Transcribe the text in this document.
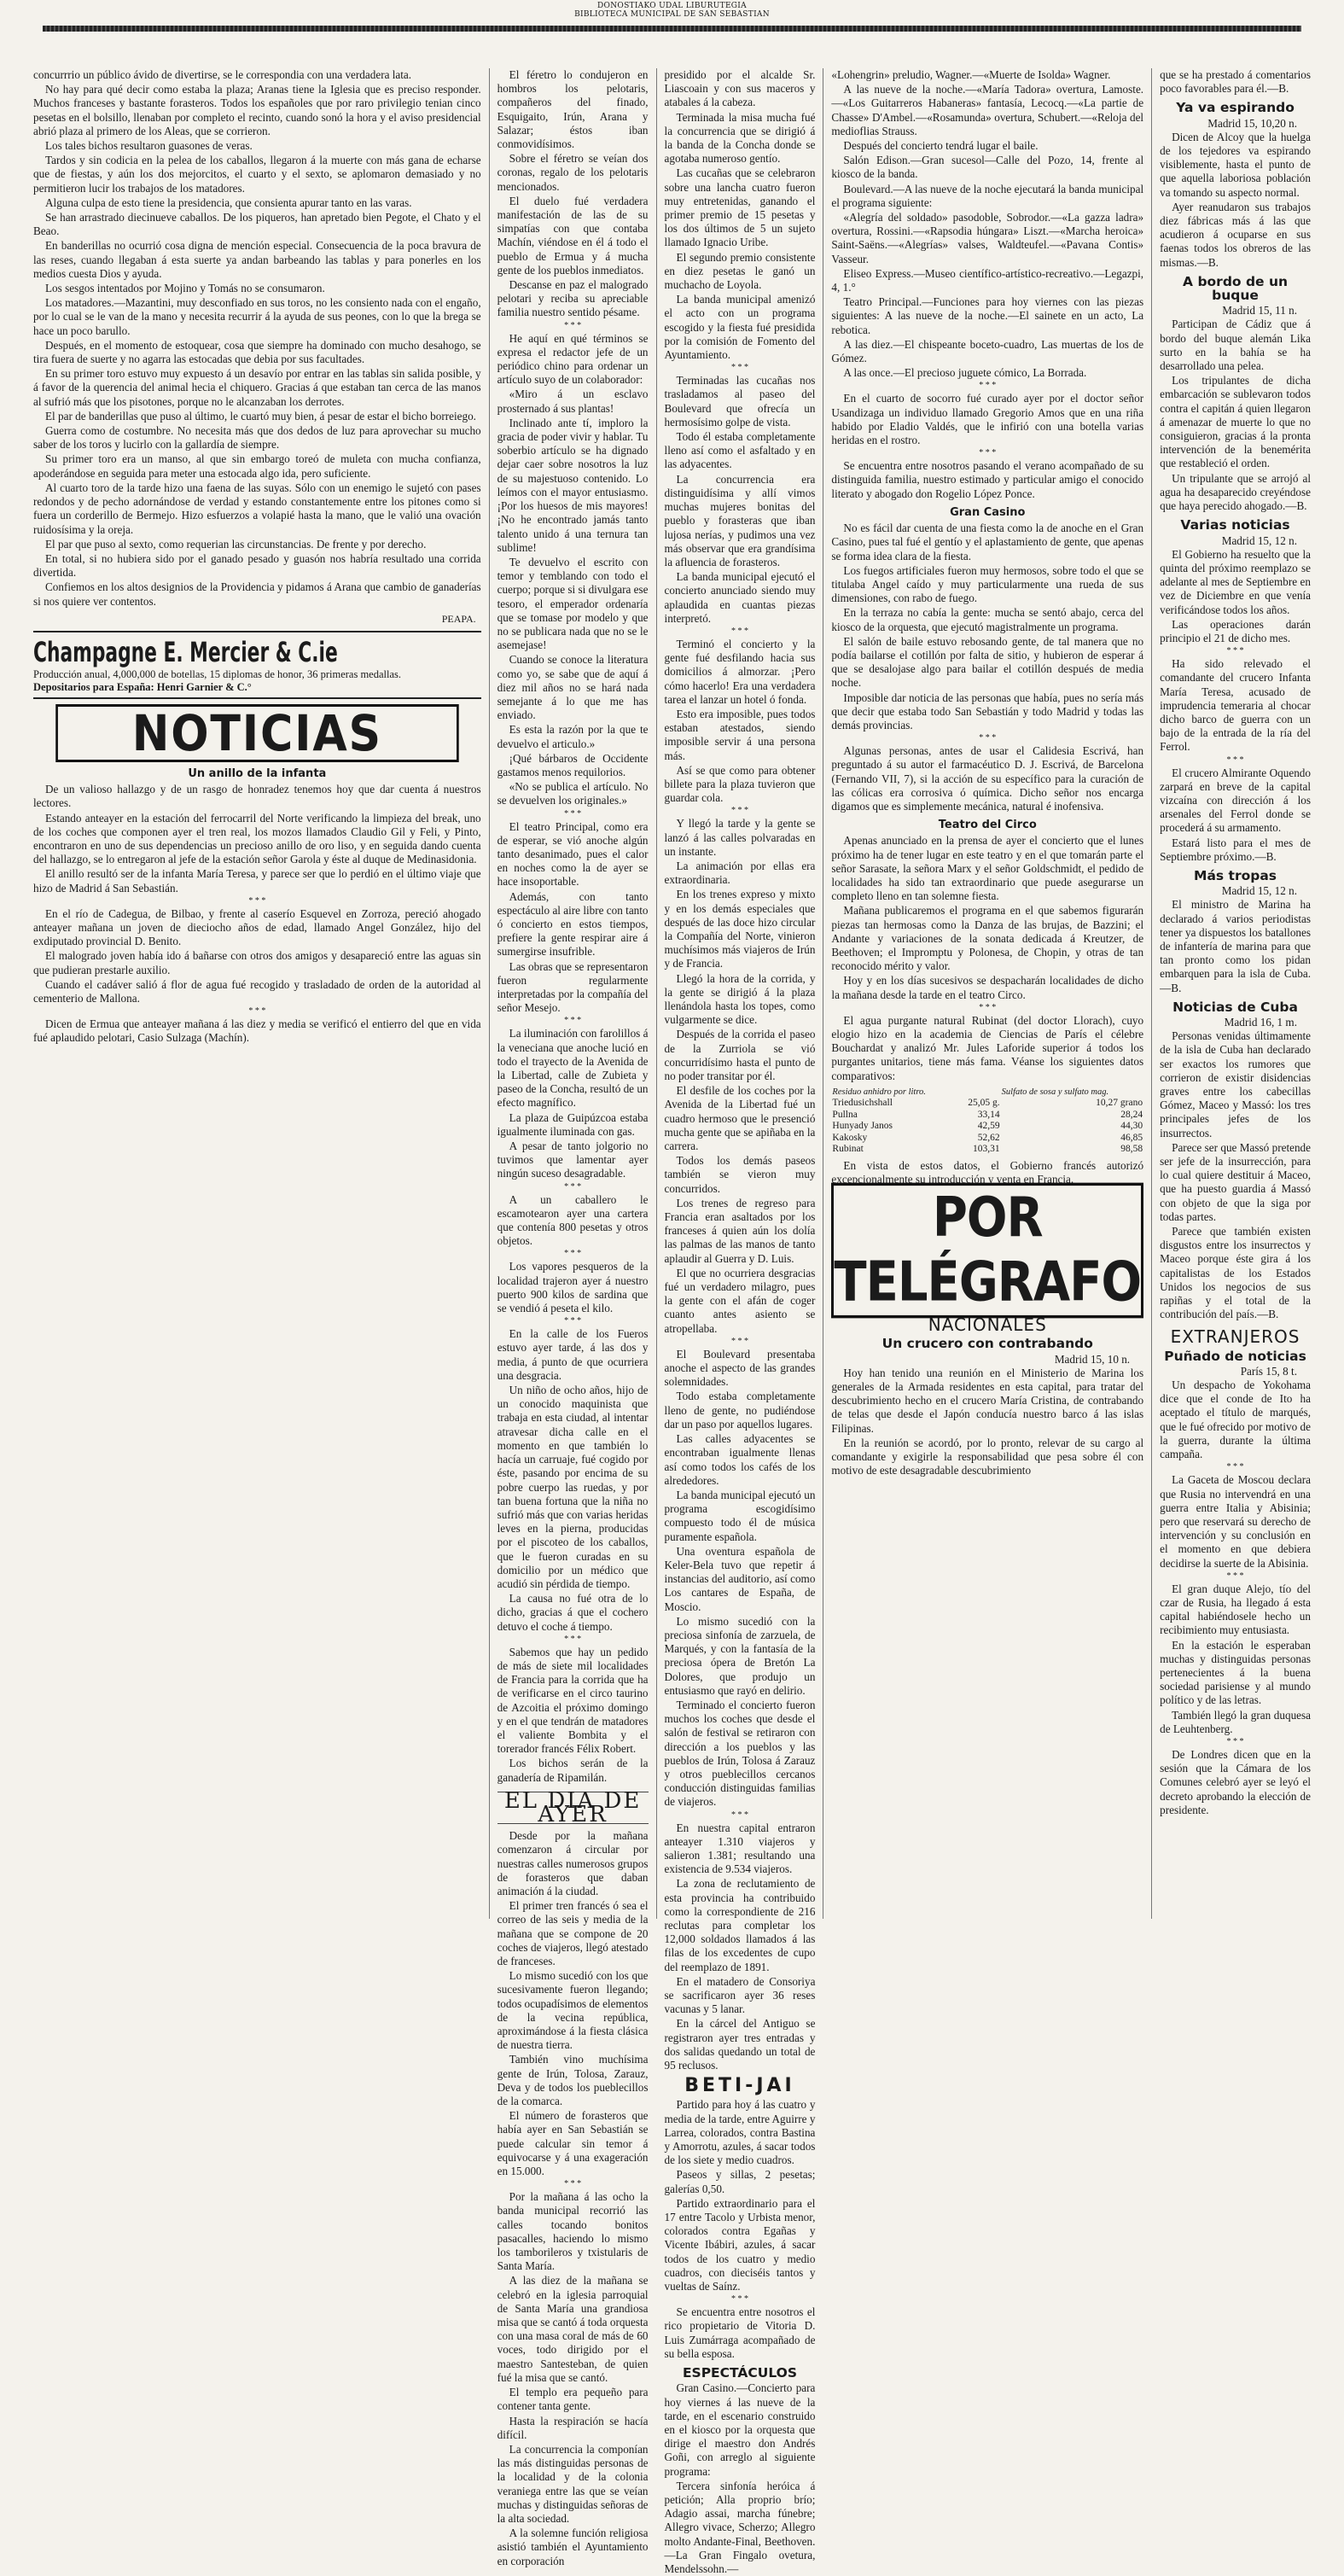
DONOSTIAKO UDAL LIBURUTEGIA
BIBLIOTECA MUNICIPAL DE SAN SEBASTIAN

concurrrio un público ávido de divertirse, se le correspondia con una verdadera lata.

No hay para qué decir como estaba la plaza; Aranas tiene la Iglesia que es preciso responder. Muchos franceses y bastante forasteros. Todos los españoles que por raro privilegio tenian cinco pesetas en el bolsillo, llenaban por completo el recinto, cuando sonó la hora y el aviso presidencial abrió plaza al primero de los Aleas, que se corrieron.

Los tales bichos resultaron guasones de veras.

Tardos y sin codicia en la pelea de los caballos, llegaron á la muerte con más gana de echarse que de fiestas, y aún los dos mejorcitos, el cuarto y el sexto, se aplomaron demasiado y no permitieron lucir los trabajos de los matadores.

Alguna culpa de esto tiene la presidencia, que consienta apurar tanto en las varas.

Se han arrastrado diecinueve caballos. De los piqueros, han apretado bien Pegote, el Chato y el Beao.

En banderillas no ocurrió cosa digna de mención especial. Consecuencia de la poca bravura de las reses, cuando llegaban á esta suerte ya andan barbeando las tablas y para ponerles en los medios cuesta Dios y ayuda.

Los sesgos intentados por Mojino y Tomás no se consumaron.

Los matadores.—Mazantini, muy desconfiado en sus toros, no les consiento nada con el engaño, por lo cual se le van de la mano y necesita recurrir á la ayuda de sus peones, con lo que la brega se hace un poco barullo.

Después, en el momento de estoquear, cosa que siempre ha dominado con mucho desahogo, se tira fuera de suerte y no agarra las estocadas que debia por sus facultades.

En su primer toro estuvo muy expuesto á un desavío por entrar en las tablas sin salida posible, y á favor de la querencia del animal hecia el chiquero. Gracias á que estaban tan cerca de las manos al sufrió más que los pisotones, porque no le alcanzaban los derrotes.

El par de banderillas que puso al último, le cuartó muy bien, á pesar de estar el bicho borreiego.

Guerra como de costumbre. No necesita más que dos dedos de luz para aprovechar su mucho saber de los toros y lucirlo con la gallardía de siempre.

Su primer toro era un manso, al que sin embargo toreó de muleta con mucha confianza, apoderándose en seguida para meter una estocada algo ida, pero suficiente.

Al cuarto toro de la tarde hizo una faena de las suyas. Sólo con un enemigo le sujetó con pases redondos y de pecho adornándose de verdad y estando constantemente entre los pitones como si fuera un corderillo de Bermejo. Hizo esfuerzos a volapié hasta la mano, que le valió una ovación ruidosísima y la oreja.

El par que puso al sexto, como requerian las circunstancias. De frente y por derecho.

En total, si no hubiera sido por el ganado pesado y guasón nos habría resultado una corrida divertida.

Confiemos en los altos designios de la Providencia y pidamos á Arana que cambio de ganaderías si nos quiere ver contentos.

PEAPA.
Champagne E. Mercier & C.ie
Producción anual, 4,000,000 de botellas, 15 diplomas de honor, 36 primeras medallas.
Depositarios para España: Henri Garnier & C.°
NOTICIAS
Un anillo de la infanta

De un valioso hallazgo y de un rasgo de honradez tenemos hoy que dar cuenta á nuestros lectores.

Estando anteayer en la estación del ferrocarril del Norte verificando la limpieza del break, uno de los coches que componen ayer el tren real, los mozos llamados Claudio Gil y Feli, y Pinto, encontraron en uno de sus dependencias un precioso anillo de oro liso, y en seguida dando cuenta del hallazgo, se lo entregaron al jefe de la estación señor Garola y éste al duque de Medinasidonia.

El anillo resultó ser de la infanta María Teresa, y parece ser que lo perdió en el último viaje que hizo de Madrid á San Sebastián.

* * *

En el río de Cadegua, de Bilbao, y frente al caserío Esquevel en Zorroza, pereció ahogado anteayer mañana un joven de dieciocho años de edad, llamado Angel González, hijo del exdiputado provincial D. Benito.

El malogrado joven había ido á bañarse con otros dos amigos y desapareció entre las aguas sin que pudieran prestarle auxilio.

Cuando el cadáver salió á flor de agua fué recogido y trasladado de orden de la autoridad al cementerio de Mallona.

* * *

Dicen de Ermua que anteayer mañana á las diez y media se verificó el entierro del que en vida fué aplaudido pelotari, Casio Sulzaga (Machín).

El féretro lo condujeron en hombros los pelotaris, compañeros del finado, Esquigaito, Irún, Arana y Salazar; éstos iban conmovidísimos.

Sobre el féretro se veían dos coronas, regalo de los pelotaris mencionados.

El duelo fué verdadera manifestación de las de su simpatías con que contaba Machín, viéndose en él á todo el pueblo de Ermua y á mucha gente de los pueblos inmediatos.

Descanse en paz el malogrado pelotari y reciba su apreciable familia nuestro sentido pésame.

* * *

He aquí en qué términos se expresa el redactor jefe de un periódico chino para ordenar un artículo suyo de un colaborador:

«Miro á un esclavo prosternado á sus plantas!

Inclinado ante tí, imploro la gracia de poder vivir y hablar. Tu soberbio artículo se ha dignado dejar caer sobre nosotros la luz de su majestuoso contenido. Lo leímos con el mayor entusiasmo. ¡Por los huesos de mis mayores! ¡No he encontrado jamás tanto talento unido á una ternura tan sublime!

Te devuelvo el escrito con temor y temblando con todo el cuerpo; porque si si divulgara ese tesoro, el emperador ordenaría que se tomase por modelo y que no se publicara nada que no se le asemejase!

Cuando se conoce la literatura como yo, se sabe que de aquí á diez mil años no se hará nada semejante á lo que me has enviado.

Es esta la razón por la que te devuelvo el articulo.»

¡Qué bárbaros de Occidente gastamos menos requilorios.

«No se publica el artículo. No se devuelven los originales.»

* * *

El teatro Principal, como era de esperar, se vió anoche algún tanto desanimado, pues el calor en noches como la de ayer se hace insoportable.

Además, con tanto espectáculo al aire libre con tanto ó concierto en estos tiempos, prefiere la gente respirar aire á sumergirse insufrible.

Las obras que se representaron fueron regularmente interpretadas por la compañía del señor Mesejo.

* * *

La iluminación con farolillos á la veneciana que anoche lució en todo el trayecto de la Avenida de la Libertad, calle de Zubieta y paseo de la Concha, resultó de un efecto magnífico.

La plaza de Guipúzcoa estaba igualmente iluminada con gas.

A pesar de tanto jolgorio no tuvimos que lamentar ayer ningún suceso desagradable.

* * *

A un caballero le escamotearon ayer una cartera que contenía 800 pesetas y otros objetos.

* * *

Los vapores pesqueros de la localidad trajeron ayer á nuestro puerto 900 kilos de sardina que se vendió á peseta el kilo.

* * *

En la calle de los Fueros estuvo ayer tarde, á las dos y media, á punto de que ocurriera una desgracia.

Un niño de ocho años, hijo de un conocido maquinista que trabaja en esta ciudad, al intentar atravesar dicha calle en el momento en que también lo hacía un carruaje, fué cogido por éste, pasando por encima de su pobre cuerpo las ruedas, y por tan buena fortuna que la niña no sufrió más que con varias heridas leves en la pierna, producidas por el piscoteo de los caballos, que le fueron curadas en su domicilio por un médico que acudió sin pérdida de tiempo.

La causa no fué otra de lo dicho, gracias á que el cochero detuvo el coche á tiempo.

* * *

Sabemos que hay un pedido de más de siete mil localidades de Francia para la corrida que ha de verificarse en el circo taurino de Azcoitia el próximo domingo y en el que tendrán de matadores el valiente Bombita y el torerador francés Félix Robert.

Los bichos serán de la ganadería de Ripamilán.

EL DIA DE AYER

Desde por la mañana comenzaron á circular por nuestras calles numerosos grupos de forasteros que daban animación á la ciudad.

El primer tren francés ó sea el correo de las seis y media de la mañana que se compone de 20 coches de viajeros, llegó atestado de franceses.

Lo mismo sucedió con los que sucesivamente fueron llegando; todos ocupadísimos de elementos de la vecina república, aproximándose á la fiesta clásica de nuestra tierra.

También vino muchísima gente de Irún, Tolosa, Zarauz, Deva y de todos los pueblecillos de la comarca.

El número de forasteros que había ayer en San Sebastián se puede calcular sin temor á equivocarse y á una exageración en 15.000.

* * *

Por la mañana á las ocho la banda municipal recorrió las calles tocando bonitos pasacalles, haciendo lo mismo los tamborileros y txistularis de Santa María.

A las diez de la mañana se celebró en la iglesia parroquial de Santa María una grandiosa misa que se cantó á toda orquesta con una masa coral de más de 60 voces, todo dirigido por el maestro Santesteban, de quien fué la misa que se cantó.

El templo era pequeño para contener tanta gente.

Hasta la respiración se hacía difícil.

La concurrencia la componían las más distinguidas personas de la localidad y de la colonia veraniega entre las que se veían muchas y distinguidas señoras de la alta sociedad.

A la solemne función religiosa asistió también el Ayuntamiento en corporación

presidido por el alcalde Sr. Liascoain y con sus maceros y atabales á la cabeza.

Terminada la misa mucha fué la concurrencia que se dirigió á la banda de la Concha donde se agotaba numeroso gentío.

Las cucañas que se celebraron sobre una lancha cuatro fueron muy entretenidas, ganando el primer premio de 15 pesetas y los dos últimos de 5 un sujeto llamado Ignacio Uribe.

El segundo premio consistente en diez pesetas le ganó un muchacho de Loyola.

La banda municipal amenizó el acto con un programa escogido y la fiesta fué presidida por la comisión de Fomento del Ayuntamiento.

* * *

Terminadas las cucañas nos trasladamos al paseo del Boulevard que ofrecía un hermosísimo golpe de vista.

Todo él estaba completamente lleno así como el asfaltado y en las adyacentes.

La concurrencia era distinguidísima y allí vimos muchas mujeres bonitas del pueblo y forasteras que iban lujosa nerías, y pudimos una vez más observar que era grandísima la afluencia de forasteros.

La banda municipal ejecutó el concierto anunciado siendo muy aplaudida en cuantas piezas interpretó.

* * *

Terminó el concierto y la gente fué desfilando hacia sus domicilios á almorzar. ¡Pero cómo hacerlo! Era una verdadera tarea el lanzar un hotel ó fonda.

Esto era imposible, pues todos estaban atestados, siendo imposible servir á una persona más.

Así se que como para obtener billete para la plaza tuvieron que guardar cola.

* * *

Y llegó la tarde y la gente se lanzó á las calles polvaradas en un instante.

La animación por ellas era extraordinaria.

En los trenes expreso y mixto y en los demás especiales que después de las doce hizo circular la Compañía del Norte, vinieron muchísimos más viajeros de Irún y de Francia.

Llegó la hora de la corrida, y la gente se dirigió á la plaza llenándola hasta los topes, como vulgarmente se dice.

Después de la corrida el paseo de la Zurriola se vió concurridísimo hasta el punto de no poder transitar por él.

El desfile de los coches por la Avenida de la Libertad fué un cuadro hermoso que le presenció mucha gente que se apiñaba en la carrera.

Todos los demás paseos también se vieron muy concurridos.

Los trenes de regreso para Francia eran asaltados por los franceses á quien aún los dolía las palmas de las manos de tanto aplaudir al Guerra y D. Luis.

El que no ocurriera desgracias fué un verdadero milagro, pues la gente con el afán de coger cuanto antes asiento se atropellaba.

* * *

El Boulevard presentaba anoche el aspecto de las grandes solemnidades.

Todo estaba completamente lleno de gente, no pudiéndose dar un paso por aquellos lugares.

Las calles adyacentes se encontraban igualmente llenas así como todos los cafés de los alrededores.

La banda municipal ejecutó un programa escogidísimo compuesto todo él de música puramente española.

Una oventura española de Keler-Bela tuvo que repetir á instancias del auditorio, así como Los cantares de España, de Moscio.

Lo mismo sucedió con la preciosa sinfonía de zarzuela, de Marqués, y con la fantasía de la preciosa ópera de Bretón La Dolores, que produjo un entusiasmo que rayó en delirio.

Terminado el concierto fueron muchos los coches que desde el salón de festival se retiraron con dirección a los pueblos y las pueblos de Irún, Tolosa á Zarauz y otros pueblecillos cercanos conducción distinguidas familias de viajeros.

* * *

En nuestra capital entraron anteayer 1.310 viajeros y salieron 1.381; resultando una existencia de 9.534 viajeros.

La zona de reclutamiento de esta provincia ha contribuido como la correspondiente de 216 reclutas para completar los 12,000 soldados llamados á las filas de los excedentes de cupo del reemplazo de 1891.

En el matadero de Consoriya se sacrificaron ayer 36 reses vacunas y 5 lanar.

En la cárcel del Antiguo se registraron ayer tres entradas y dos salidas quedando un total de 95 reclusos.

BETI-JAI

Partido para hoy á las cuatro y media de la tarde, entre Aguirre y Larrea, colorados, contra Bastina y Amorrotu, azules, á sacar todos de los siete y medio cuadros.

Paseos y sillas, 2 pesetas; galerías 0,50.

Partido extraordinario para el 17 entre Tacolo y Urbista menor, colorados contra Egañas y Vicente Ibábiri, azules, á sacar todos de los cuatro y medio cuadros, con dieciséis tantos y vueltas de Saínz.

* * *

Se encuentra entre nosotros el rico propietario de Vitoria D. Luis Zumárraga acompañado de su bella esposa.

ESPECTÁCULOS

Gran Casino.—Concierto para hoy viernes á las nueve de la tarde, en el escenario construido en el kiosco por la orquesta que dirige el maestro don Andrés Goñi, con arreglo al siguiente programa:

Tercera sinfonía heróica á petición; Alla proprio brío; Adagio assai, marcha fúnebre; Allegro vivace, Scherzo; Allegro molto Andante-Final, Beethoven.—La Gran Fingalo ovetura, Mendelssohn.—

«Lohengrin» preludio, Wagner.—«Muerte de Isolda» Wagner.

A las nueve de la noche.—«María Tadora» overtura, Lamoste.—«Los Guitarreros Habaneras» fantasía, Lecocq.—«La partie de Chasse» D'Ambel.—«Rosamunda» overtura, Schubert.—«Reloja del medioflias Strauss.

Después del concierto tendrá lugar el baile.

Salón Edison.—Gran sucesol—Calle del Pozo, 14, frente al kiosco de la banda.

Boulevard.—A las nueve de la noche ejecutará la banda municipal el programa siguiente:

«Alegría del soldado» pasodoble, Sobrodor.—«La gazza ladra» overtura, Rossini.—«Rapsodia húngara» Liszt.—«Marcha heroica» Saint-Saëns.—«Alegrías» valses, Waldteufel.—«Pavana Contis» Vasseur.

Eliseo Express.—Museo científico-artístico-recreativo.—Legazpi, 4, 1.°

Teatro Principal.—Funciones para hoy viernes con las piezas siguientes: A las nueve de la noche.—El sainete en un acto, La rebotica.

A las diez.—El chispeante boceto-cuadro, Las muertas de los de Gómez.

A las once.—El precioso juguete cómico, La Borrada.

* * *

En el cuarto de socorro fué curado ayer por el doctor señor Usandizaga un individuo llamado Gregorio Amos que en una riña habido por Eladio Valdés, que le infirió con una botella varias heridas en el rostro.

* * *

Se encuentra entre nosotros pasando el verano acompañado de su distinguida familia, nuestro estimado y particular amigo el conocido literato y abogado don Rogelio López Ponce.

Gran Casino

No es fácil dar cuenta de una fiesta como la de anoche en el Gran Casino, pues tal fué el gentío y el aplastamiento de gente, que apenas se forma idea clara de la fiesta.

Los fuegos artificiales fueron muy hermosos, sobre todo el que se titulaba Angel caído y muy particularmente una rueda de sus dimensiones, con rabo de fuego.

En la terraza no cabía la gente: mucha se sentó abajo, cerca del kiosco de la orquesta, que ejecutó magistralmente un programa.

El salón de baile estuvo rebosando gente, de tal manera que no podía bailarse el cotillón por falta de sitio, y hubieron de esperar á que se desalojase algo para bailar el cotillón después de media noche.

Imposible dar noticia de las personas que había, pues no sería más que decir que estaba todo San Sebastián y todo Madrid y todas las demás provincias.

* * *

Algunas personas, antes de usar el Calidesia Escrivá, han preguntado á su autor el farmacéutico D. J. Escrivá, de Barcelona (Fernando VII, 7), si la acción de su específico para la curación de las cólicas era corrosiva ó química. Dicho señor nos encarga digamos que es simplemente mecánica, natural é inofensiva.

Teatro del Circo

Apenas anunciado en la prensa de ayer el concierto que el lunes próximo ha de tener lugar en este teatro y en el que tomarán parte el señor Sarasate, la señora Marx y el señor Goldschmidt, el pedido de localidades ha sido tan extraordinario que puede asegurarse un completo lleno en tan solemne fiesta.

Mañana publicaremos el programa en el que sabemos figurarán piezas tan hermosas como la Danza de las brujas, de Bazzini; el Andante y variaciones de la sonata dedicada á Kreutzer, de Beethoven; el Impromptu y Polonesa, de Chopin, y otras de tan reconocido mérito y valor.

Hoy y en los días sucesivos se despacharán localidades de dicho la mañana desde la tarde en el teatro Circo.

* * *

El agua purgante natural Rubinat (del doctor Llorach), cuyo elogio hizo en la academia de Ciencias de París el célebre Bouchardat y analizó Mr. Jules Laforide superior á todos los purgantes unitarios, tiene más fama. Véanse los siguientes datos comparativos:

Residuo anhidro por litro.		Sulfato de sosa y sulfato mag.
Triedusichshall	25,05 g.	10,27 grano
Pullna	33,14	28,24
Hunyady Janos	42,59	44,30
Kakosky	52,62	46,85
Rubinat	103,31	98,58

En vista de estos datos, el Gobierno francés autorizó excepcionalmente su introducción y venta en Francia.

POR TELÉGRAFO
NACIONALES
Un crucero con contrabando
Madrid 15, 10 n.

Hoy han tenido una reunión en el Ministerio de Marina los generales de la Armada residentes en esta capital, para tratar del descubrimiento hecho en el crucero María Cristina, de contrabando de telas que desde el Japón conducía nuestro barco á las islas Filipinas.

En la reunión se acordó, por lo pronto, relevar de su cargo al comandante y exigirle la responsabilidad que pesa sobre él con motivo de este desagradable descubrimiento

que se ha prestado á comentarios poco favorables para él.—B.

Ya va espirando
Madrid 15, 10,20 n.

Dicen de Alcoy que la huelga de los tejedores va espirando visiblemente, hasta el punto de que aquella laboriosa población va tomando su aspecto normal.

Ayer reanudaron sus trabajos diez fábricas más á las que acudieron á ocuparse en sus faenas todos los obreros de las mismas.—B.

A bordo de un buque
Madrid 15, 11 n.

Participan de Cádiz que á bordo del buque alemán Lika surto en la bahía se ha desarrollado una pelea.

Los tripulantes de dicha embarcación se sublevaron todos contra el capitán á quien llegaron á amenazar de muerte lo que no consiguieron, gracias á la pronta intervención de la benemérita que restableció el orden.

Un tripulante que se arrojó al agua ha desaparecido creyéndose que haya perecido ahogado.—B.

Varias noticias
Madrid 15, 12 n.

El Gobierno ha resuelto que la quinta del próximo reemplazo se adelante al mes de Septiembre en vez de Diciembre en que venía verificándose todos los años.

Las operaciones darán principio el 21 de dicho mes.

* * *

Ha sido relevado el comandante del crucero Infanta María Teresa, acusado de imprudencia temeraria al chocar dicho barco de guerra con un bajo de la entrada de la ría del Ferrol.

* * *

El crucero Almirante Oquendo zarpará en breve de la capital vizcaína con dirección á los arsenales del Ferrol donde se procederá á su armamento.

Estará listo para el mes de Septiembre próximo.—B.

Más tropas
Madrid 15, 12 n.

El ministro de Marina ha declarado á varios periodistas tener ya dispuestos los batallones de infantería de marina para que tan pronto como los pidan embarquen para la isla de Cuba.—B.

Noticias de Cuba
Madrid 16, 1 m.

Personas venidas últimamente de la isla de Cuba han declarado ser exactos los rumores que corrieron de existir disidencias graves entre los cabecillas Gómez, Maceo y Massó: los tres principales jefes de los insurrectos.

Parece ser que Massó pretende ser jefe de la insurrección, para lo cual quiere destituir á Maceo, que ha puesto guardia á Massó con objeto de que la siga por todas partes.

Parece que también existen disgustos entre los insurrectos y Maceo porque éste gira á los capitalistas de los Estados Unidos los negocios de sus rapiñas y el total de la contribución del país.—B.

EXTRANJEROS
Puñado de noticias
París 15, 8 t.

Un despacho de Yokohama dice que el conde de Ito ha aceptado el título de marqués, que le fué ofrecido por motivo de la guerra, durante la última campaña.

* * *

La Gaceta de Moscou declara que Rusia no intervendrá en una guerra entre Italia y Abisinia; pero que reservará su derecho de intervención y su conclusión en el momento en que debiera decidirse la suerte de la Abisinia.

* * *

El gran duque Alejo, tío del czar de Rusia, ha llegado á esta capital habiéndosele hecho un recibimiento muy entusiasta.

En la estación le esperaban muchas y distinguidas personas pertenecientes á la buena sociedad parisiense y al mundo político y de las letras.

También llegó la gran duquesa de Leuhtenberg.

* * *

De Londres dicen que en la sesión que la Cámara de los Comunes celebró ayer se leyó el decreto aprobando la elección de presidente.
